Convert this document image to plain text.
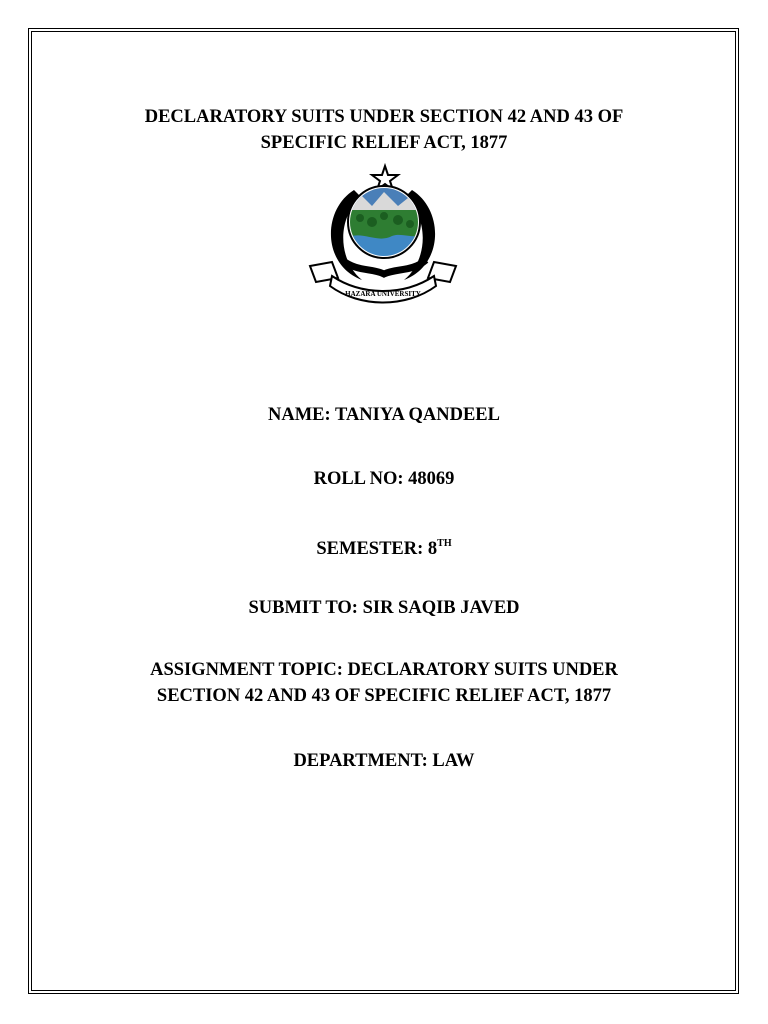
DECLARATORY SUITS UNDER SECTION 42 AND 43 OF
SPECIFIC RELIEF ACT, 1877
HAZARA UNIVERSITY
NAME: TANIYA QANDEEL
ROLL NO: 48069
SEMESTER: 8TH
SUBMIT TO: SIR SAQIB JAVED
ASSIGNMENT TOPIC: DECLARATORY SUITS UNDER
SECTION 42 AND 43 OF SPECIFIC RELIEF ACT, 1877
DEPARTMENT: LAW
